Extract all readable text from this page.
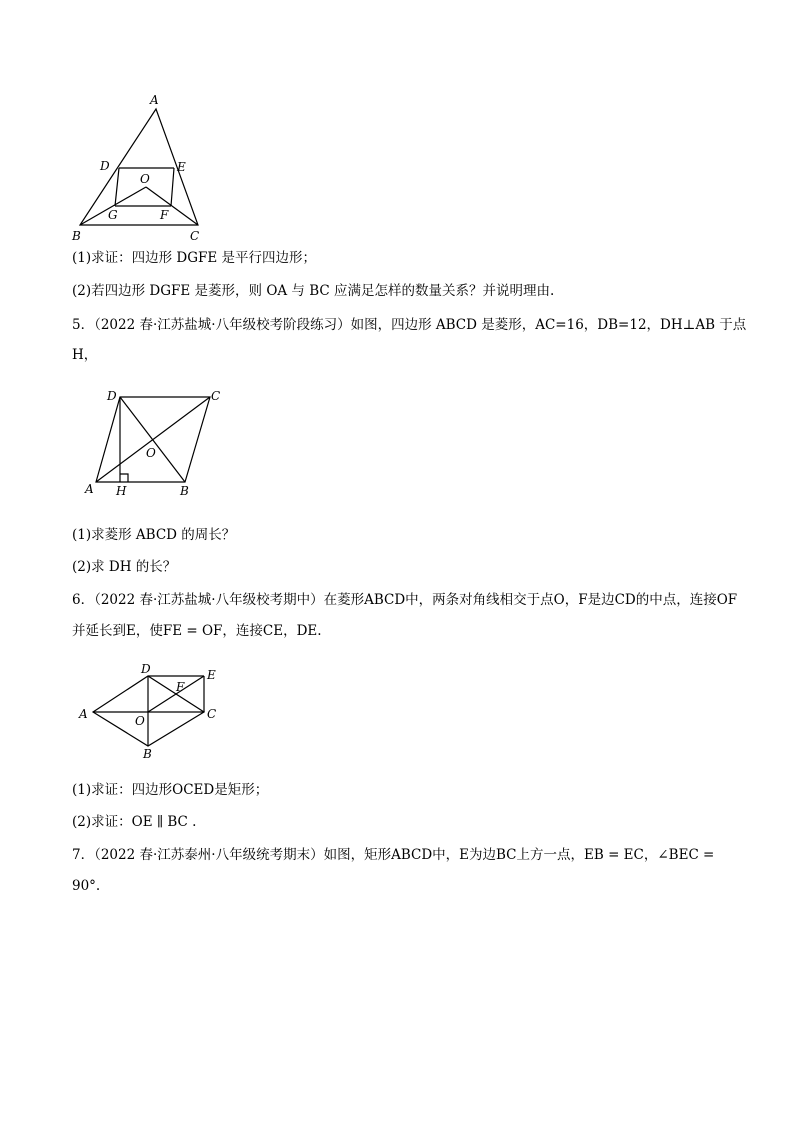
A
D	E
O
G	F
B	C
(1)求证：四边形 DGFE 是平行四边形；
(2)若四边形 DGFE 是菱形，则 OA 与 BC 应满足怎样的数量关系？并说明理由.
5．（2022 春·江苏盐城·八年级校考阶段练习）如图，四边形 ABCD 是菱形，AC=16，DB=12，DH⊥AB 于点
H，
D	C
O
A H	B
(1)求菱形 ABCD 的周长？
(2)求 DH 的长？
6．（2022 春·江苏盐城·八年级校考期中）在菱形ABCD中，两条对角线相交于点O，F是边CD的中点，连接OF
并延长到E，使FE = OF，连接CE，DE.
D	E
F
A	O	C
B
(1)求证：四边形OCED是矩形；
(2)求证：OE ∥ BC .
7．（2022 春·江苏泰州·八年级统考期末）如图，矩形ABCD中，E为边BC上方一点，EB = EC，∠BEC =
90°.
